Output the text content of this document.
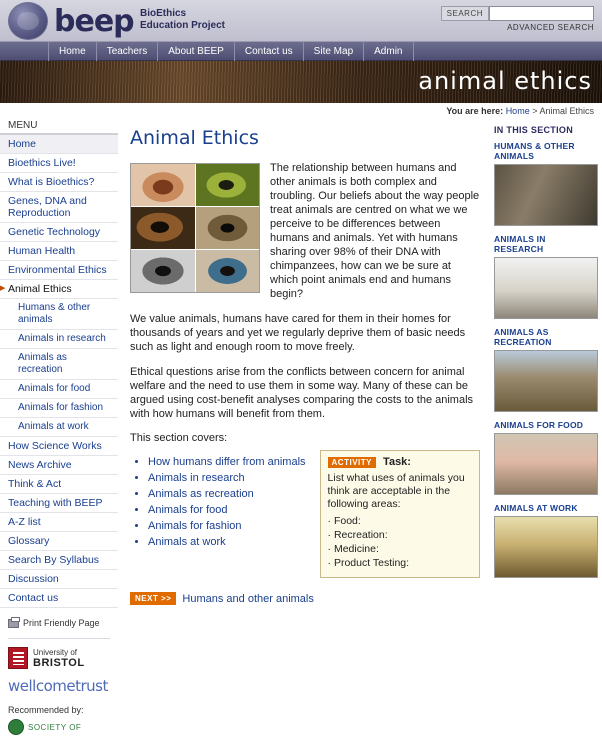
beep BioEthics
Education Project
SEARCH
ADVANCED SEARCH
Home	Teachers	About BEEP	Contact us	Site Map	Admin
animal ethics
You are here: Home > Animal Ethics
MENU
Home
Bioethics Live!
What is Bioethics?
Genes, DNA and Reproduction
Genetic Technology
Human Health
Environmental Ethics
▶ Animal Ethics
Humans & other animals
Animals in research
Animals as recreation
Animals for food
Animals for fashion
Animals at work
How Science Works
News Archive
Think & Act
Teaching with BEEP
A-Z list
Glossary
Search By Syllabus
Discussion
Contact us
Print Friendly Page
University of
BRISTOL
wellcometrust
Recommended by:
SOCIETY OF
Animal Ethics

The relationship between humans and other animals is both complex and troubling. Our beliefs about the way people treat animals are centred on what we we perceive to be differences between humans and animals. Yet with humans sharing over 98% of their DNA with chimpanzees, how can we be sure at which point animals end and humans begin?

We value animals, humans have cared for them in their homes for thousands of years and yet we regularly deprive them of basic needs such as light and enough room to move freely.

Ethical questions arise from the conflicts between concern for animal welfare and the need to use them in some way. Many of these can be argued using cost-benefit analyses comparing the costs to the animals with how humans will benefit from them.

This section covers:
• How humans differ from animals
• Animals in research
• Animals as recreation
• Animals for food
• Animals for fashion
• Animals at work
ACTIVITY Task:

List what uses of animals you think are acceptable in the following areas:

· Food:

· Recreation:

· Medicine:

· Product Testing:

NEXT >>	Humans and other animals
IN THIS SECTION
HUMANS & OTHER ANIMALS
ANIMALS IN RESEARCH
ANIMALS AS RECREATION
ANIMALS FOR FOOD
ANIMALS AT WORK
